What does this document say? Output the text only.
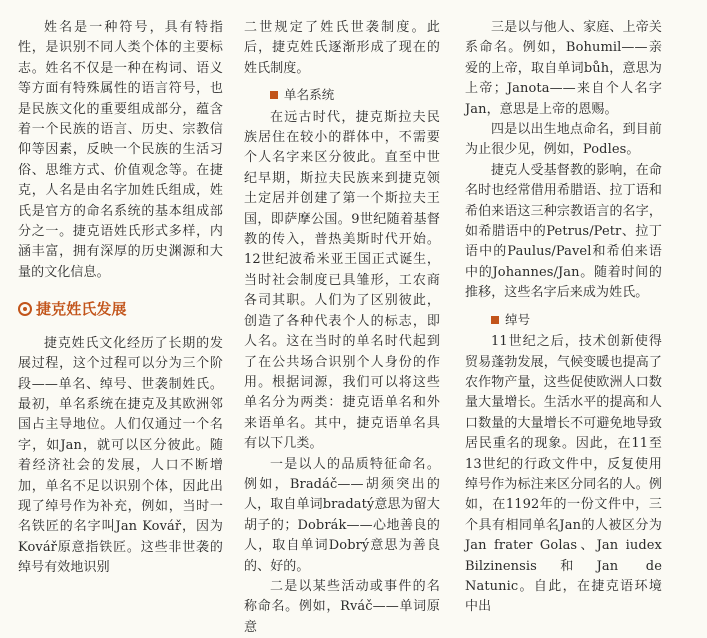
姓名是一种符号，具有特指性，是识别不同人类个体的主要标志。姓名不仅是一种在构词、语义等方面有特殊属性的语言符号，也是民族文化的重要组成部分，蕴含着一个民族的语言、历史、宗教信仰等因素，反映一个民族的生活习俗、思维方式、价值观念等。在捷克，人名是由名字加姓氏组成，姓氏是官方的命名系统的基本组成部分之一。捷克语姓氏形式多样，内涵丰富，拥有深厚的历史渊源和大量的文化信息。

捷克姓氏发展

捷克姓氏文化经历了长期的发展过程，这个过程可以分为三个阶段——单名、绰号、世袭制姓氏。最初，单名系统在捷克及其欧洲邻国占主导地位。人们仅通过一个名字，如Jan，就可以区分彼此。随着经济社会的发展，人口不断增加，单名不足以识别个体，因此出现了绰号作为补充，例如，当时一名铁匠的名字叫Jan Kovář，因为Kovář原意指铁匠。这些非世袭的绰号有效地识别

二世规定了姓氏世袭制度。此后，捷克姓氏逐渐形成了现在的姓氏制度。

单名系统

在远古时代，捷克斯拉夫民族居住在较小的群体中，不需要个人名字来区分彼此。直至中世纪早期，斯拉夫民族来到捷克领土定居并创建了第一个斯拉夫王国，即萨摩公国。9世纪随着基督教的传入，普热美斯时代开始。12世纪波希米亚王国正式诞生，当时社会制度已具雏形，工农商各司其职。人们为了区别彼此，创造了各种代表个人的标志，即人名。这在当时的单名时代起到了在公共场合识别个人身份的作用。根据词源，我们可以将这些单名分为两类：捷克语单名和外来语单名。其中，捷克语单名具有以下几类。

一是以人的品质特征命名。例如，Bradáč——胡须突出的人，取自单词bradatý意思为留大胡子的；Dobrák——心地善良的人，取自单词Dobrý意思为善良的、好的。

二是以某些活动或事件的名称命名。例如，Rváč——单词原意

三是以与他人、家庭、上帝关系命名。例如，Bohumil——亲爱的上帝，取自单词bůh，意思为上帝；Janota——来自个人名字Jan，意思是上帝的恩赐。

四是以出生地点命名，到目前为止很少见，例如，Podles。

捷克人受基督教的影响，在命名时也经常借用希腊语、拉丁语和希伯来语这三种宗教语言的名字，如希腊语中的Petrus/Petr、拉丁语中的Paulus/Pavel和希伯来语中的Johannes/Jan。随着时间的推移，这些名字后来成为姓氏。

绰号

11世纪之后，技术创新使得贸易蓬勃发展，气候变暖也提高了农作物产量，这些促使欧洲人口数量大量增长。生活水平的提高和人口数量的大量增长不可避免地导致居民重名的现象。因此，在11至13世纪的行政文件中，反复使用绰号作为标注来区分同名的人。例如，在1192年的一份文件中，三个具有相同单名Jan的人被区分为Jan frater Golas、Jan iudex Bilzinensis和Jan de Natunic。自此，在捷克语环境中出
